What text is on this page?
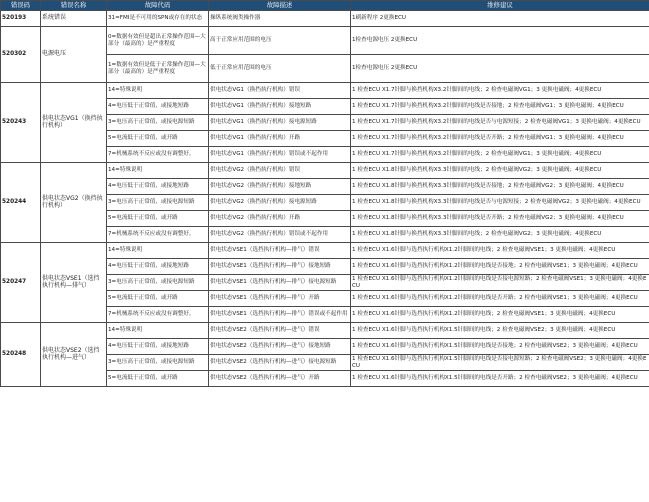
错误码	错误名称	故障代码	故障描述	维修建议
520193	系统错误	31=FMI是不可用的SPN或存在的状态	操纵系统阀类操作器	1刷新程序 2更换ECU
520302	电源电压	0=数据有效但是超出正常操作范围—大部分（最高的）是严重程度	高于正常应用范围的电压	1检查电源电压 2更换ECU
		1=数据有效但是低于正常操作范围—大部分（最高的）是严重程度	低于正常应用范围的电压	1检查电源电压 2更换ECU
520243	供电状态VG1（换挡执行机构）	14=特殊说明	供电状态VG1（换挡执行机构）错误	1 检查ECU X1.7针脚与换挡机构X3.2针脚间的电线；2 检查电磁阀VG1；3 更换电磁阀；4更换ECU
		4=电压低于正常值，或接地短路	供电状态VG1（换挡执行机构）接地短路	1 检查ECU X1.7针脚与换挡机构X3.2针脚间的电线是否接地；2 检查电磁阀VG1；3 更换电磁阀；4更换ECU
		3=电压高于正常值，或接电源短路	供电状态VG1（换挡执行机构）接电源短路	1 检查ECU X1.7针脚与换挡机构X3.2针脚间的电线是否与电源短接；2 检查电磁阀VG1；3 更换电磁阀；4更换ECU
		5=电流低于正常值，或开路	供电状态VG1（换挡执行机构）开路	1 检查ECU X1.7针脚与换挡机构X3.2针脚间的电线是否开路；2 检查电磁阀VG1；3 更换电磁阀；4更换ECU
		7=机械系统不反应或没有调整好。	供电状态VG1（换挡执行机构）错误或不起作用	1 检查ECU X1.7针脚与换挡机构X3.2针脚间的电线；2 检查电磁阀VG1；3 更换电磁阀；4更换ECU
520244	供电状态VG2（换挡执行机构）	14=特殊说明	供电状态VG2（换挡执行机构）错误	1 检查ECU X1.8针脚与换挡机构X3.3针脚间的电线；2 检查电磁阀VG2；3 更换电磁阀；4更换ECU
		4=电压低于正常值，或接地短路	供电状态VG2（换挡执行机构）接地短路	1 检查ECU X1.8针脚与换挡机构X3.3针脚间的电线是否接地；2 检查电磁阀VG2；3 更换电磁阀；4更换ECU
		3=电压高于正常值，或接电源短路	供电状态VG2（换挡执行机构）接电源短路	1 检查ECU X1.8针脚与换挡机构X3.3针脚间的电线是否与电源短接；2 检查电磁阀VG2；3 更换电磁阀；4更换ECU
		5=电流低于正常值，或开路	供电状态VG2（换挡执行机构）开路	1 检查ECU X1.8针脚与换挡机构X3.3针脚间的电线是否开路；2 检查电磁阀VG2；3 更换电磁阀；4更换ECU
		7=机械系统不反应或没有调整好。	供电状态VG2（换挡执行机构）错误或不起作用	1 检查ECU X1.8针脚与换挡机构X3.3针脚间的电线；2 检查电磁阀VG2；3 更换电磁阀；4更换ECU
520247	供电状态VSE1（选挡执行机构—排气）	14=特殊说明	供电状态VSE1（选挡执行机构—排气）错误	1 检查ECU X1.6针脚与选挡执行机构X1.2针脚间的电线；2 检查电磁阀VSE1；3 更换电磁阀；4更换ECU
		4=电压低于正常值，或接地短路	供电状态VSE1（选挡执行机构—排气）接地短路	1 检查ECU X1.6针脚与选挡执行机构X1.2针脚间的电线是否接地；2 检查电磁阀VSE1；3 更换电磁阀；4更换ECU
		3=电压高于正常值，或接电源短路	供电状态VSE1（选挡执行机构—排气）接电源短路	1 检查ECU X1.6针脚与选挡执行机构X1.2针脚间的电线是否接电源短路；2 检查电磁阀VSE1；3 更换电磁阀；4更换ECU
		5=电流低于正常值，或开路	供电状态VSE1（选挡执行机构—排气）开路	1 检查ECU X1.6针脚与选挡执行机构X1.2针脚间的电线是否开路；2 检查电磁阀VSE1；3 更换电磁阀；4更换ECU
		7=机械系统不反应或没有调整好。	供电状态VSE1（选挡执行机构—排气）错误或不起作用	1 检查ECU X1.6针脚与选挡执行机构X1.2针脚间的电线；2 检查电磁阀VSE1；3 更换电磁阀；4更换ECU
520248	供电状态VSE2（选挡执行机构—进气）	14=特殊说明	供电状态VSE2（选挡执行机构—进气）错误	1 检查ECU X1.6针脚与选挡执行机构X1.5针脚间的电线；2 检查电磁阀VSE2；3 更换电磁阀；4更换ECU
		4=电压低于正常值，或接地短路	供电状态VSE2（选挡执行机构—进气）接地短路	1 检查ECU X1.6针脚与选挡执行机构X1.5针脚间的电线是否接地；2 检查电磁阀VSE2；3 更换电磁阀；4更换ECU
		3=电压高于正常值，或接电源短路	供电状态VSE2（选挡执行机构—进气）接电源短路	1 检查ECU X1.6针脚与选挡执行机构X1.5针脚间的电线是否接电源短路；2 检查电磁阀VSE2；3 更换电磁阀；4更换ECU
		5=电流低于正常值，或开路	供电状态VSE2（选挡执行机构—进气）开路	1 检查ECU X1.6针脚与选挡执行机构X1.5针脚间的电线是否开路；2 检查电磁阀VSE2；3 更换电磁阀；4更换ECU
